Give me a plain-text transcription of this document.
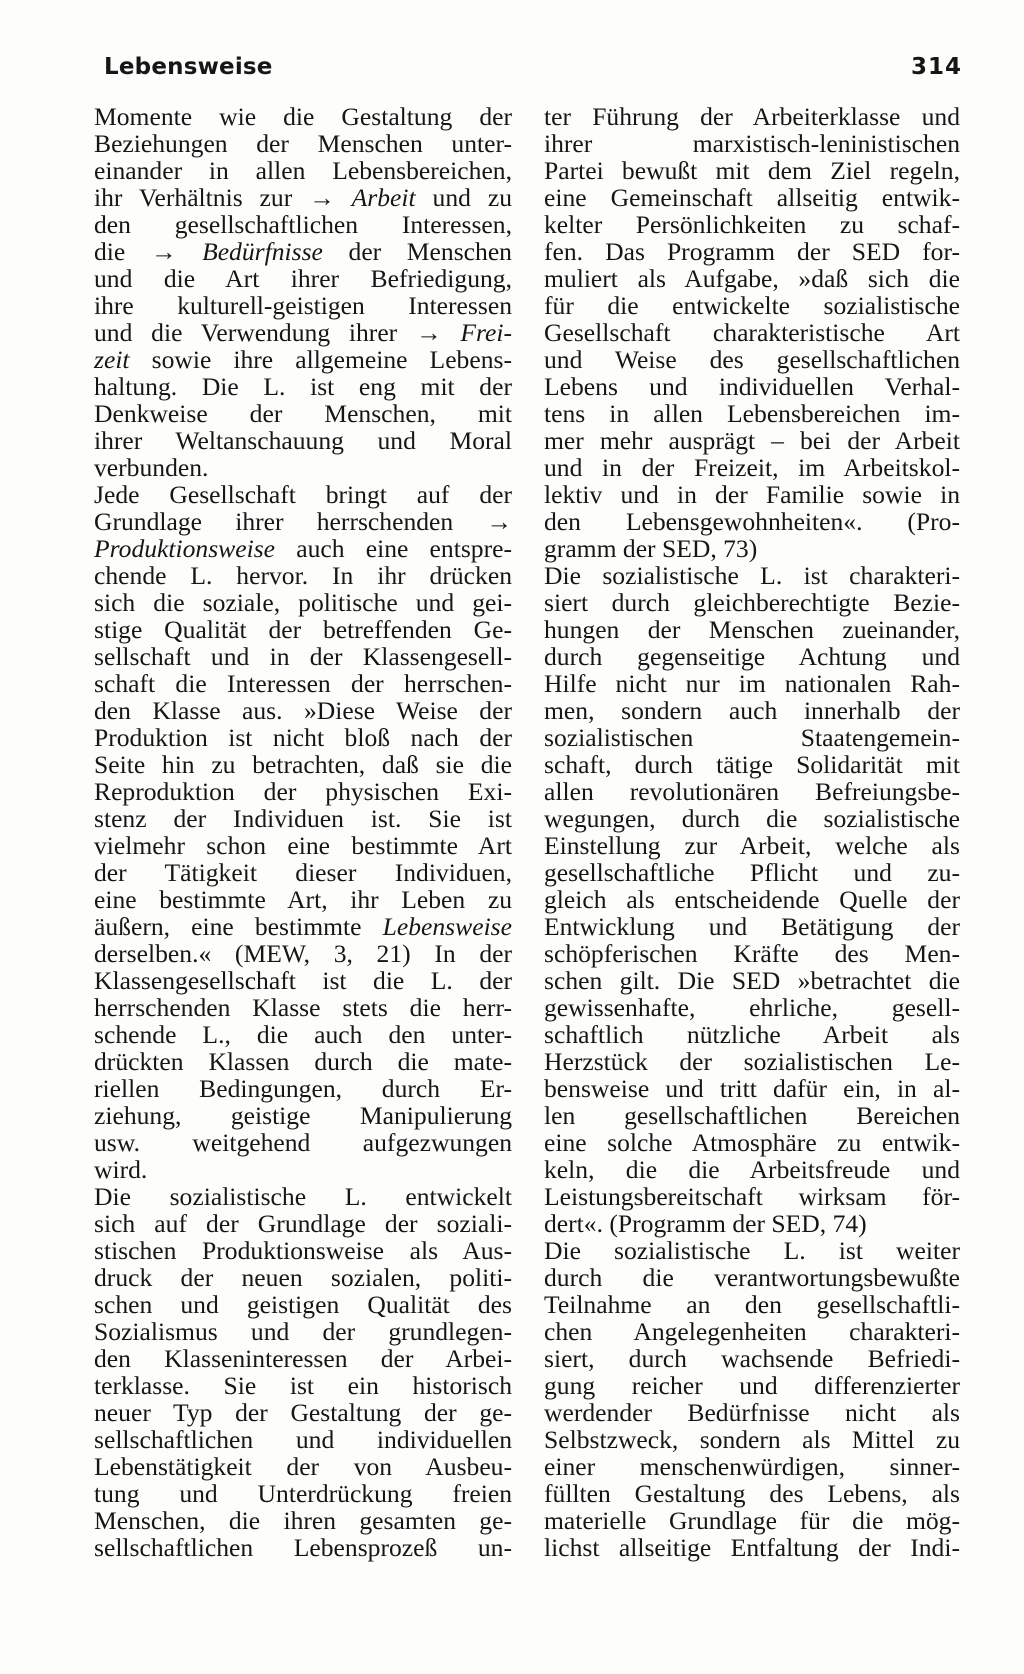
Lebensweise	314
Momente wie die Gestaltung der
Beziehungen der Menschen unter-
einander in allen Lebensbereichen,
ihr Verhältnis zur → Arbeit und zu
den gesellschaftlichen Interessen,
die → Bedürfnisse der Menschen
und die Art ihrer Befriedigung,
ihre kulturell-geistigen Interessen
und die Verwendung ihrer → Frei-
zeit sowie ihre allgemeine Lebens-
haltung. Die L. ist eng mit der
Denkweise der Menschen, mit
ihrer Weltanschauung und Moral
verbunden.
Jede Gesellschaft bringt auf der
Grundlage ihrer herrschenden →
Produktionsweise auch eine entspre-
chende L. hervor. In ihr drücken
sich die soziale, politische und gei-
stige Qualität der betreffenden Ge-
sellschaft und in der Klassengesell-
schaft die Interessen der herrschen-
den Klasse aus. »Diese Weise der
Produktion ist nicht bloß nach der
Seite hin zu betrachten, daß sie die
Reproduktion der physischen Exi-
stenz der Individuen ist. Sie ist
vielmehr schon eine bestimmte Art
der Tätigkeit dieser Individuen,
eine bestimmte Art, ihr Leben zu
äußern, eine bestimmte Lebensweise
derselben.« (MEW, 3, 21) In der
Klassengesellschaft ist die L. der
herrschenden Klasse stets die herr-
schende L., die auch den unter-
drückten Klassen durch die mate-
riellen Bedingungen, durch Er-
ziehung, geistige Manipulierung
usw. weitgehend aufgezwungen
wird.
Die sozialistische L. entwickelt
sich auf der Grundlage der soziali-
stischen Produktionsweise als Aus-
druck der neuen sozialen, politi-
schen und geistigen Qualität des
Sozialismus und der grundlegen-
den Klasseninteressen der Arbei-
terklasse. Sie ist ein historisch
neuer Typ der Gestaltung der ge-
sellschaftlichen und individuellen
Lebenstätigkeit der von Ausbeu-
tung und Unterdrückung freien
Menschen, die ihren gesamten ge-
sellschaftlichen Lebensprozeß un-
ter Führung der Arbeiterklasse und
ihrer marxistisch-leninistischen
Partei bewußt mit dem Ziel regeln,
eine Gemeinschaft allseitig entwik-
kelter Persönlichkeiten zu schaf-
fen. Das Programm der SED for-
muliert als Aufgabe, »daß sich die
für die entwickelte sozialistische
Gesellschaft charakteristische Art
und Weise des gesellschaftlichen
Lebens und individuellen Verhal-
tens in allen Lebensbereichen im-
mer mehr ausprägt – bei der Arbeit
und in der Freizeit, im Arbeitskol-
lektiv und in der Familie sowie in
den Lebensgewohnheiten«. (Pro-
gramm der SED, 73)
Die sozialistische L. ist charakteri-
siert durch gleichberechtigte Bezie-
hungen der Menschen zueinander,
durch gegenseitige Achtung und
Hilfe nicht nur im nationalen Rah-
men, sondern auch innerhalb der
sozialistischen Staatengemein-
schaft, durch tätige Solidarität mit
allen revolutionären Befreiungsbe-
wegungen, durch die sozialistische
Einstellung zur Arbeit, welche als
gesellschaftliche Pflicht und zu-
gleich als entscheidende Quelle der
Entwicklung und Betätigung der
schöpferischen Kräfte des Men-
schen gilt. Die SED »betrachtet die
gewissenhafte, ehrliche, gesell-
schaftlich nützliche Arbeit als
Herzstück der sozialistischen Le-
bensweise und tritt dafür ein, in al-
len gesellschaftlichen Bereichen
eine solche Atmosphäre zu entwik-
keln, die die Arbeitsfreude und
Leistungsbereitschaft wirksam för-
dert«. (Programm der SED, 74)
Die sozialistische L. ist weiter
durch die verantwortungsbewußte
Teilnahme an den gesellschaftli-
chen Angelegenheiten charakteri-
siert, durch wachsende Befriedi-
gung reicher und differenzierter
werdender Bedürfnisse nicht als
Selbstzweck, sondern als Mittel zu
einer menschenwürdigen, sinner-
füllten Gestaltung des Lebens, als
materielle Grundlage für die mög-
lichst allseitige Entfaltung der Indi-
